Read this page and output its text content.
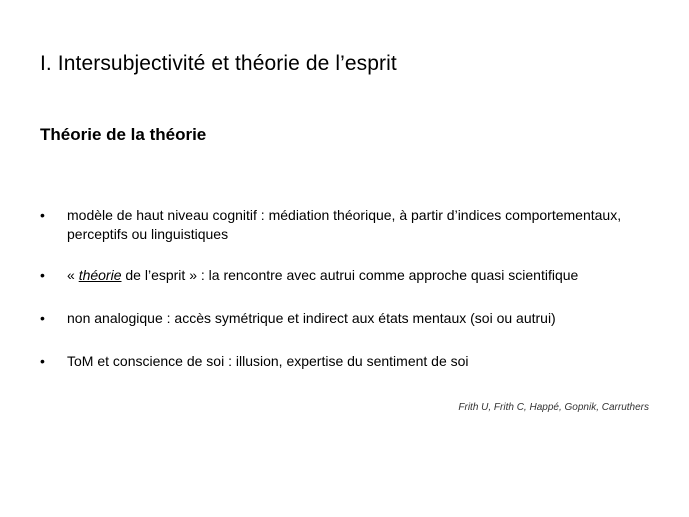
I. Intersubjectivité et théorie de l’esprit
Théorie de la théorie
• modèle de haut niveau cognitif : médiation théorique, à partir d’indices comportementaux, perceptifs ou linguistiques
• « théorie de l’esprit » : la rencontre avec autrui comme approche quasi scientifique
• non analogique : accès symétrique et indirect aux états mentaux (soi ou autrui)
• ToM et conscience de soi : illusion, expertise du sentiment de soi
Frith U, Frith C, Happé, Gopnik, Carruthers
